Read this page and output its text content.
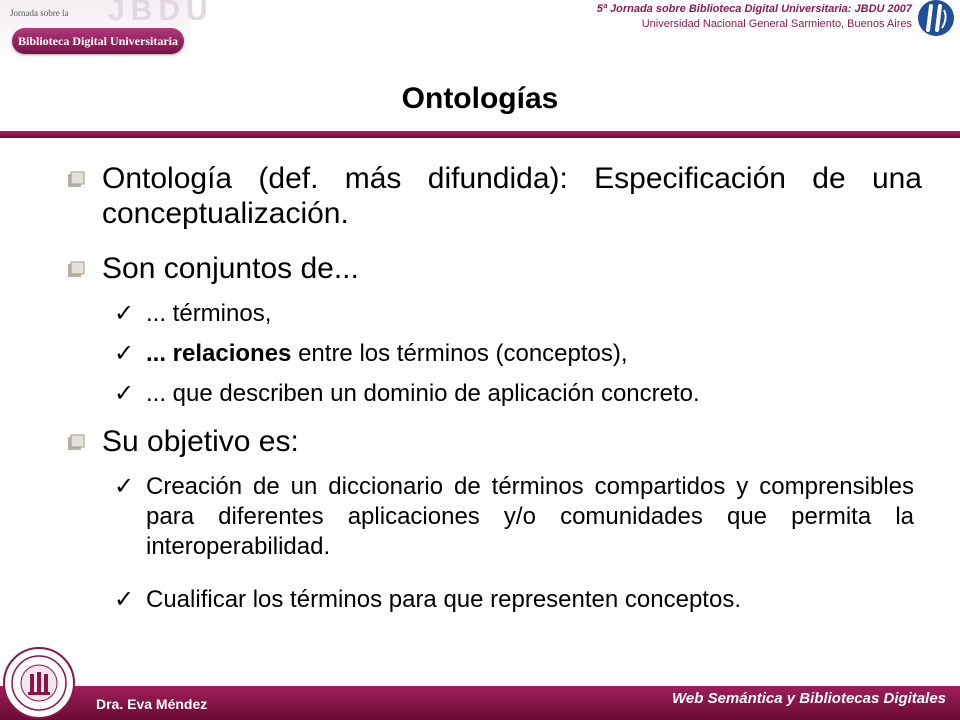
JBDU
Jornada sobre la
Biblioteca Digital Universitaria
5ª Jornada sobre Biblioteca Digital Universitaria: JBDU 2007
Universidad Nacional General Sarmiento, Buenos Aires
Ontologías
Ontología (def. más difundida): Especificación de una conceptualización.
Son conjuntos de...
✓ ... términos,
✓ ... relaciones entre los términos (conceptos),
✓ ... que describen un dominio de aplicación concreto.
Su objetivo es:
✓ Creación de un diccionario de términos compartidos y comprensibles para diferentes aplicaciones y/o comunidades que permita la interoperabilidad.
✓ Cualificar los términos para que representen conceptos.
Dra. Eva Méndez	Web Semántica y Bibliotecas Digitales
